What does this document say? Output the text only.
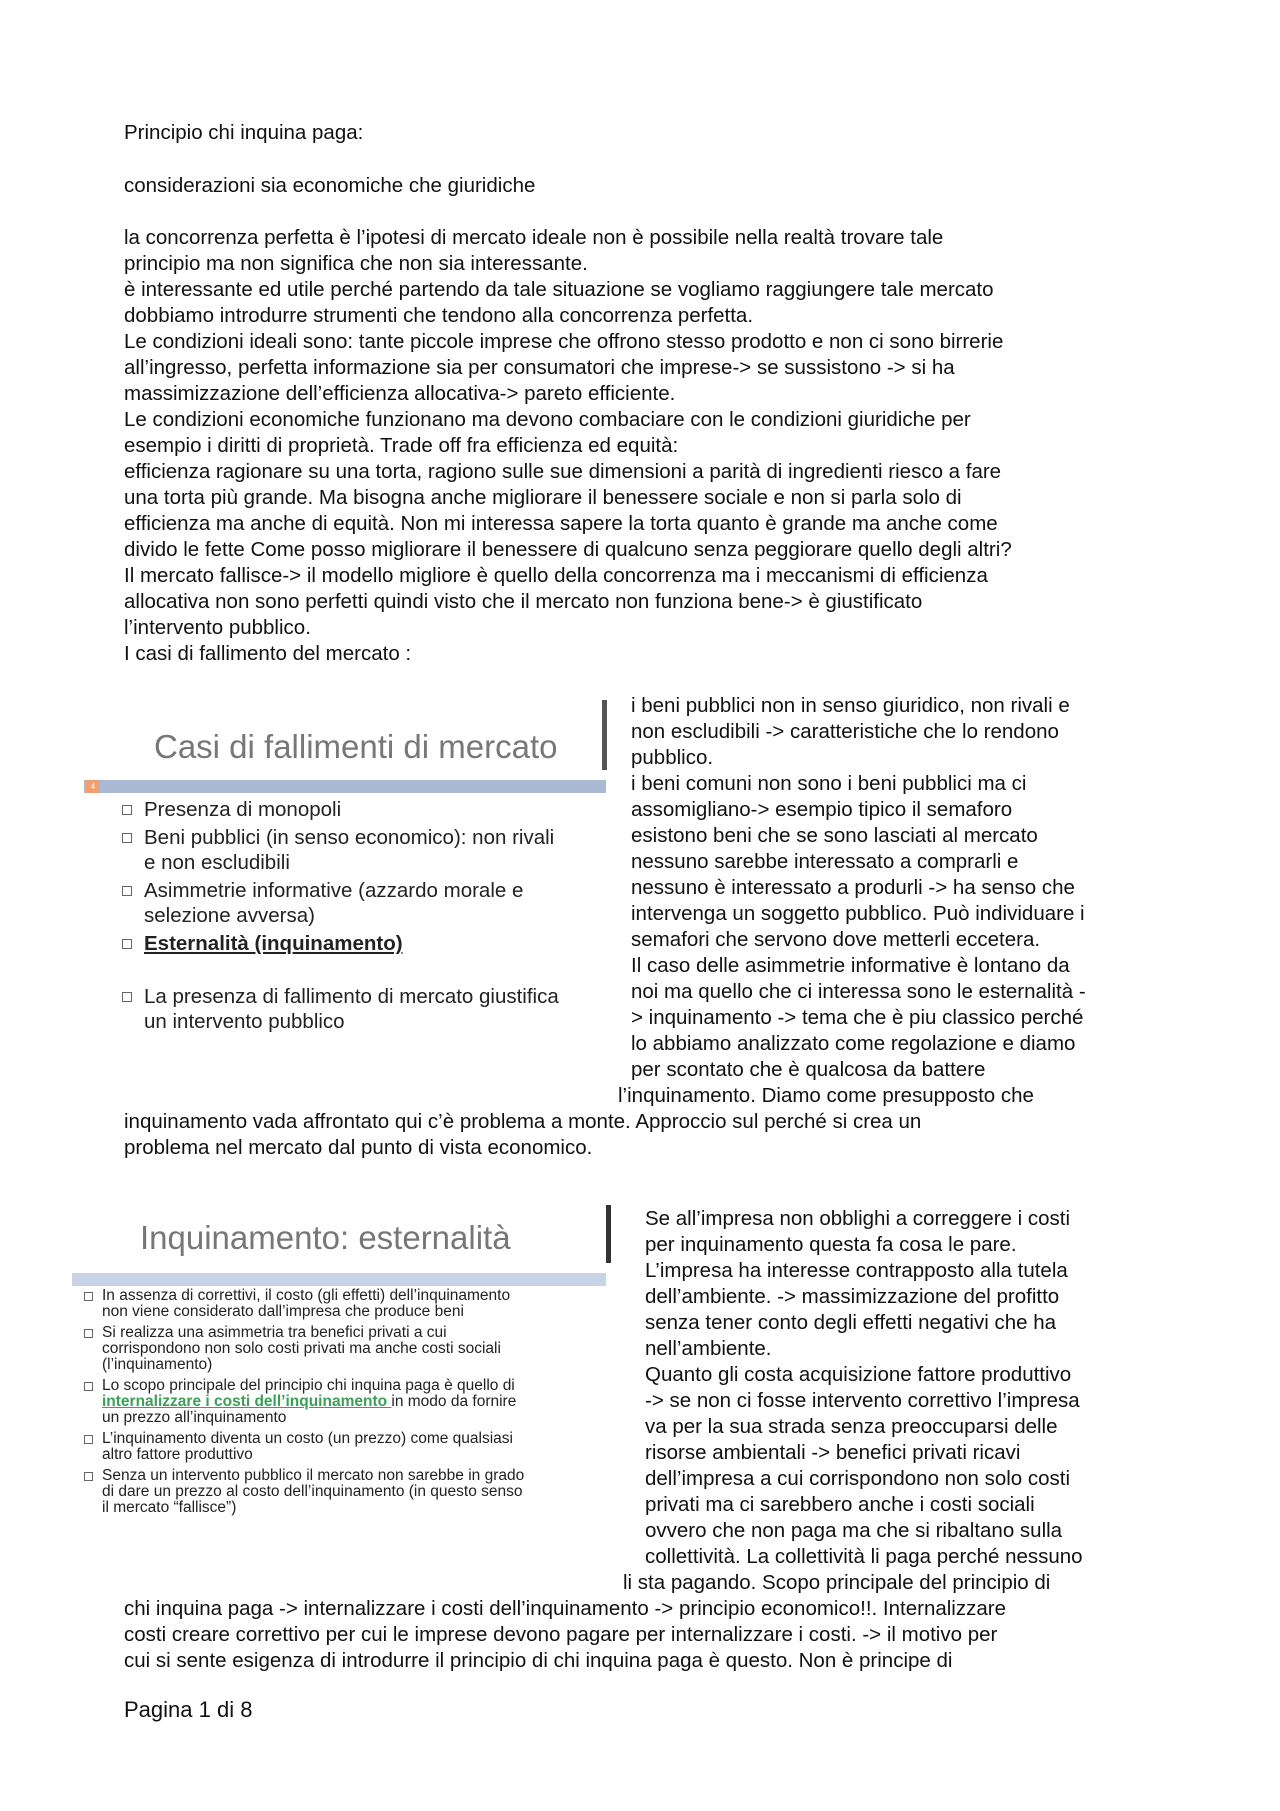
Principio chi inquina paga:

considerazioni sia economiche che giuridiche

la concorrenza perfetta è l’ipotesi di mercato ideale non è possibile nella realtà trovare tale
principio ma non significa che non sia interessante.
è interessante ed utile perché partendo da tale situazione se vogliamo raggiungere tale mercato
dobbiamo introdurre strumenti che tendono alla concorrenza perfetta.
Le condizioni ideali sono: tante piccole imprese che offrono stesso prodotto e non ci sono birrerie
all’ingresso, perfetta informazione sia per consumatori che imprese-> se sussistono -> si ha
massimizzazione dell’efficienza allocativa-> pareto efficiente.
Le condizioni economiche funzionano ma devono combaciare con le condizioni giuridiche per
esempio i diritti di proprietà. Trade off fra efficienza ed equità:
efficienza ragionare su una torta, ragiono sulle sue dimensioni a parità di ingredienti riesco a fare
una torta più grande. Ma bisogna anche migliorare il benessere sociale e non si parla solo di
efficienza ma anche di equità. Non mi interessa sapere la torta quanto è grande ma anche come
divido le fette Come posso migliorare il benessere di qualcuno senza peggiorare quello degli altri?
Il mercato fallisce-> il modello migliore è quello della concorrenza ma i meccanismi di efficienza
allocativa non sono perfetti quindi visto che il mercato non funziona bene-> è giustificato
l’intervento pubblico.
I casi di fallimento del mercato :
Casi di fallimenti di mercato
4
Presenza di monopoli
Beni pubblici (in senso economico): non rivali
e non escludibili
Asimmetrie informative (azzardo morale e
selezione avversa)
Esternalità (inquinamento)
La presenza di fallimento di mercato giustifica
un intervento pubblico
i beni pubblici non in senso giuridico, non rivali e
non escludibili -> caratteristiche che lo rendono
pubblico.
i beni comuni non sono i beni pubblici ma ci
assomigliano-> esempio tipico il semaforo
esistono beni che se sono lasciati al mercato
nessuno sarebbe interessato a comprarli e
nessuno è interessato a produrli -> ha senso che
intervenga un soggetto pubblico. Può individuare i
semafori che servono dove metterli eccetera.
Il caso delle asimmetrie informative è lontano da
noi ma quello che ci interessa sono le esternalità -
> inquinamento -> tema che è piu classico perché
lo abbiamo analizzato come regolazione e diamo
per scontato che è qualcosa da battere
l’inquinamento. Diamo come presupposto che
inquinamento vada affrontato qui c’è problema a monte. Approccio sul perché si crea un
problema nel mercato dal punto di vista economico.
Inquinamento: esternalità
In assenza di correttivi, il costo (gli effetti) dell’inquinamento
non viene considerato dall’impresa che produce beni
Si realizza una asimmetria tra benefici privati a cui
corrispondono non solo costi privati ma anche costi sociali
(l’inquinamento)
Lo scopo principale del principio chi inquina paga è quello di
internalizzare i costi dell’inquinamento in modo da fornire
un prezzo all’inquinamento
L’inquinamento diventa un costo (un prezzo) come qualsiasi
altro fattore produttivo
Senza un intervento pubblico il mercato non sarebbe in grado
di dare un prezzo al costo dell’inquinamento (in questo senso
il mercato “fallisce”)
Se all’impresa non obblighi a correggere i costi
per inquinamento questa fa cosa le pare.
L’impresa ha interesse contrapposto alla tutela
dell’ambiente. -> massimizzazione del profitto
senza tener conto degli effetti negativi che ha
nell’ambiente.
Quanto gli costa acquisizione fattore produttivo
-> se non ci fosse intervento correttivo l’impresa
va per la sua strada senza preoccuparsi delle
risorse ambientali -> benefici privati ricavi
dell’impresa a cui corrispondono non solo costi
privati ma ci sarebbero anche i costi sociali
ovvero che non paga ma che si ribaltano sulla
collettività. La collettività li paga perché nessuno
li sta pagando. Scopo principale del principio di
chi inquina paga -> internalizzare i costi dell’inquinamento -> principio economico!!. Internalizzare
costi creare correttivo per cui le imprese devono pagare per internalizzare i costi. -> il motivo per
cui si sente esigenza di introdurre il principio di chi inquina paga è questo. Non è principe di
Pagina 1 di 8
